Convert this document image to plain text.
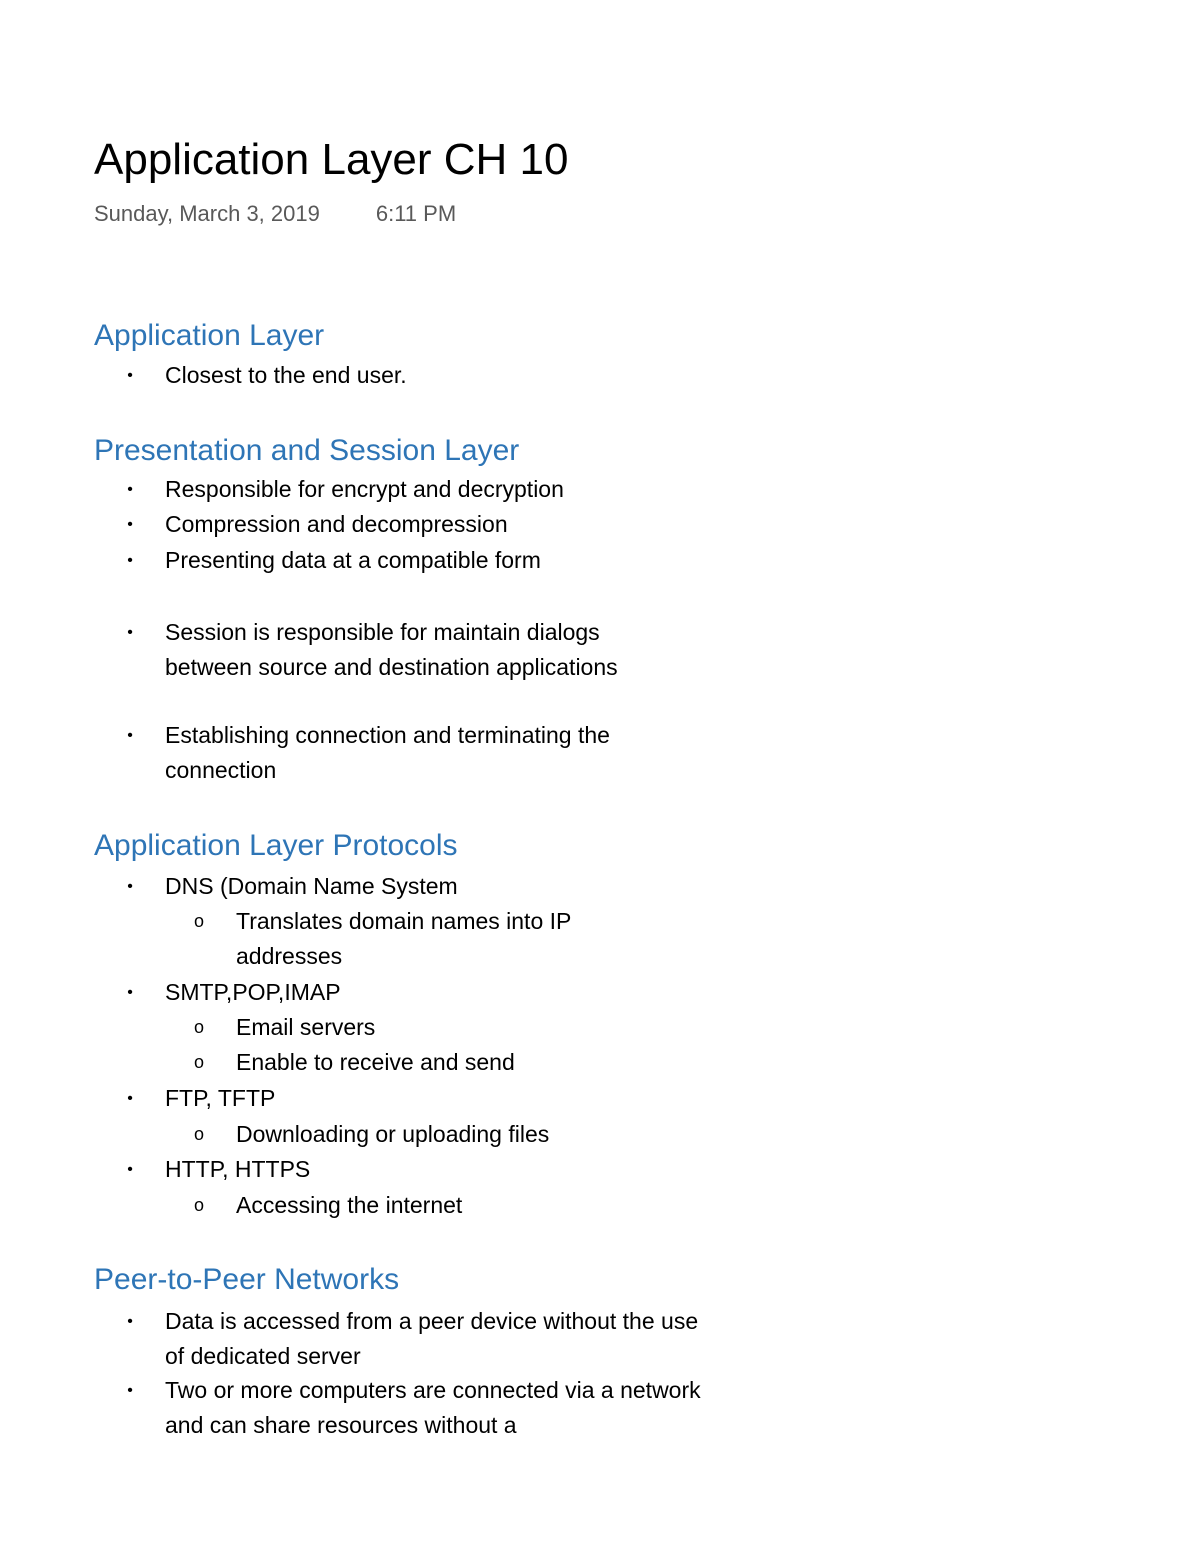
Application Layer CH 10
Sunday, March 3, 2019	6:11 PM
Application Layer
•	Closest to the end user.
Presentation and Session Layer
•	Responsible for encrypt and decryption
•	Compression and decompression
•	Presenting data at a compatible form
•	Session is responsible for maintain dialogs between source and destination applications
•	Establishing connection and terminating the connection
Application Layer Protocols
•	DNS (Domain Name System
o Translates domain names into IP addresses
•	SMTP,POP,IMAP
o Email servers
o Enable to receive and send
•	FTP, TFTP
o Downloading or uploading files
•	HTTP, HTTPS
o Accessing the internet
Peer-to-Peer Networks
•	Data is accessed from a peer device without the use of dedicated server
•	Two or more computers are connected via a network and can share resources without a
